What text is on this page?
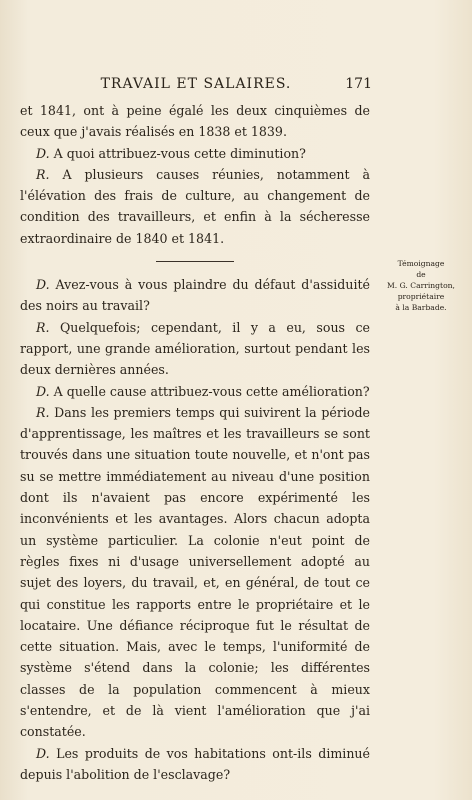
TRAVAIL ET SALAIRES.	171

et 1841, ont à peine égalé les deux cinquièmes de ceux que j'avais réalisés en 1838 et 1839.

D. A quoi attribuez-vous cette diminution?

R. A plusieurs causes réunies, notamment à l'élévation des frais de culture, au changement de condition des travailleurs, et enfin à la sécheresse extraordinaire de 1840 et 1841.

D. Avez-vous à vous plaindre du défaut d'assiduité des noirs au travail?

R. Quelquefois; cependant, il y a eu, sous ce rapport, une grande amélioration, surtout pendant les deux dernières années.

D. A quelle cause attribuez-vous cette amélioration?

R. Dans les premiers temps qui suivirent la période d'apprentissage, les maîtres et les travailleurs se sont trouvés dans une situation toute nouvelle, et n'ont pas su se mettre immédiatement au niveau d'une position dont ils n'avaient pas encore expérimenté les inconvénients et les avantages. Alors chacun adopta un système particulier. La colonie n'eut point de règles fixes ni d'usage universellement adopté au sujet des loyers, du travail, et, en général, de tout ce qui constitue les rapports entre le propriétaire et le locataire. Une défiance réciproque fut le résultat de cette situation. Mais, avec le temps, l'uniformité de système s'étend dans la colonie; les différentes classes de la population commencent à mieux s'entendre, et de là vient l'amélioration que j'ai constatée.

D. Les produits de vos habitations ont-ils diminué depuis l'abolition de l'esclavage?

Témoignage
de
M. G. Carrington,
propriétaire
à la Barbade.
